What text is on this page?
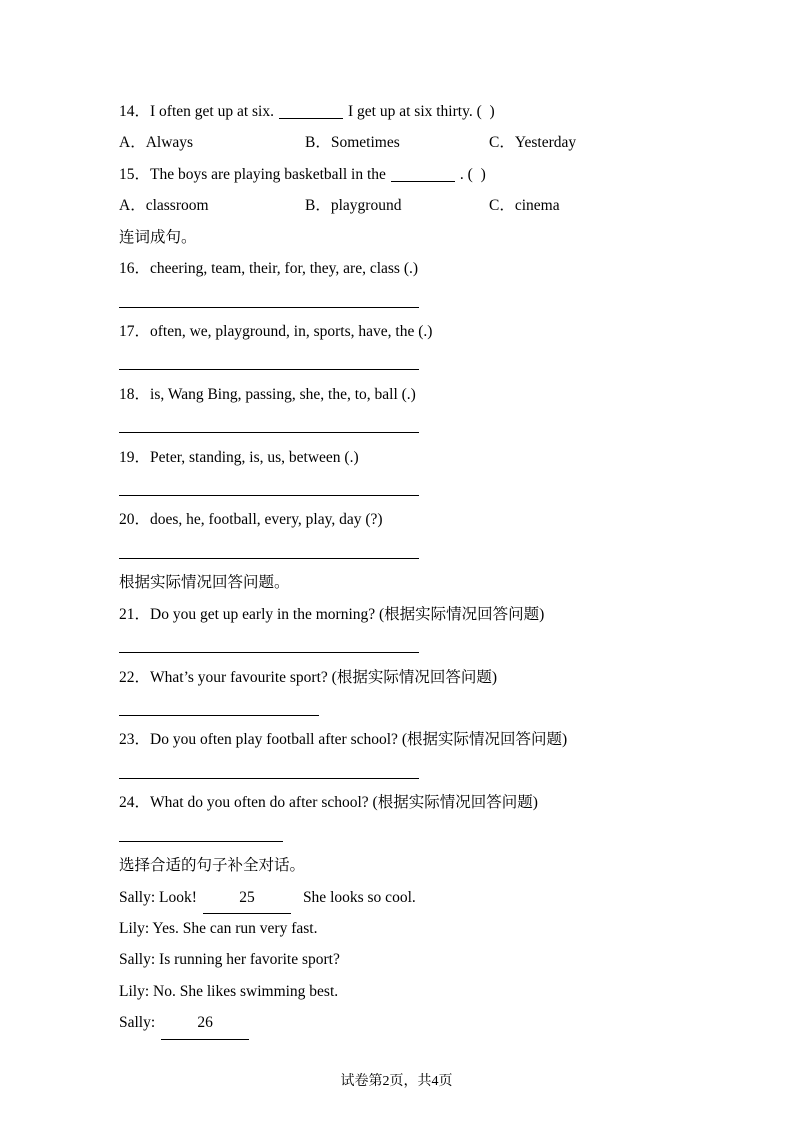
14．I often get up at six.	I get up at six thirty. (  )
A．Always	B．Sometimes	C．Yesterday
15．The boys are playing basketball in the	. (  )
A．classroom	B．playground	C．cinema
连词成句。
16．cheering, team, their, for, they, are, class (.)
17．often, we, playground, in, sports, have, the (.)
18．is, Wang Bing, passing, she, the, to, ball (.)
19．Peter, standing, is, us, between (.)
20．does, he, football, every, play, day (?)
根据实际情况回答问题。
21．Do you get up early in the morning? (根据实际情况回答问题)
22．What’s your favourite sport? (根据实际情况回答问题)
23．Do you often play football after school? (根据实际情况回答问题)
24．What do you often do after school? (根据实际情况回答问题)
选择合适的句子补全对话。
Sally: Look!	25	She looks so cool.
Lily: Yes. She can run very fast.
Sally: Is running her favorite sport?
Lily: No. She likes swimming best.
Sally:	26
试卷第2页，共4页
